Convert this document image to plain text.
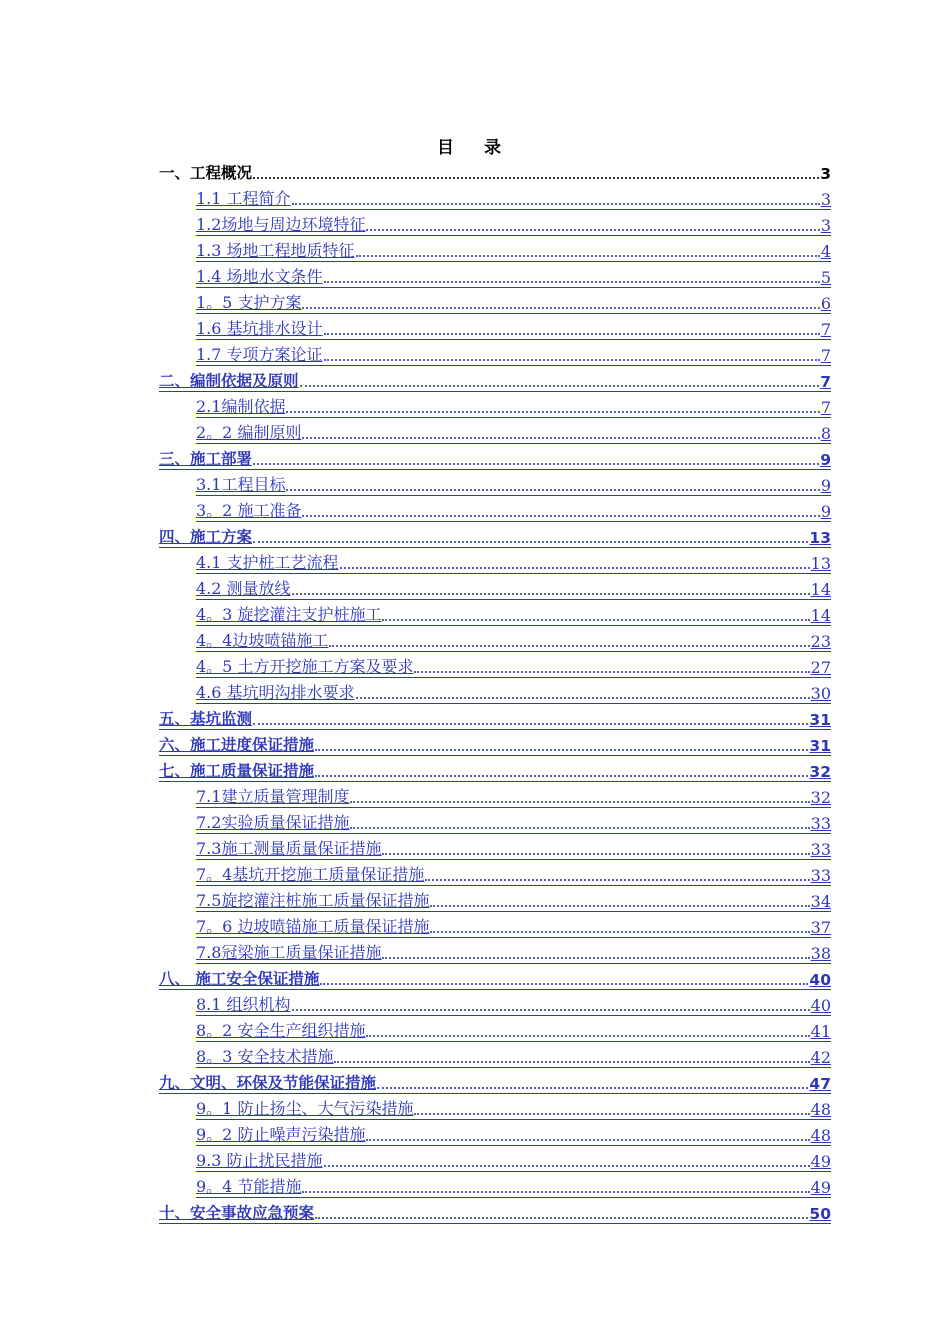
目 录
一、工程概况	3
1.1 工程简介	3
1.2场地与周边环境特征	3
1.3 场地工程地质特征	4
1.4 场地水文条件	5
1。5 支护方案	6
1.6 基坑排水设计	7
1.7 专项方案论证	7
二、编制依据及原则	7
2.1编制依据	7
2。2 编制原则	8
三、施工部署	9
3.1工程目标	9
3。2 施工准备	9
四、施工方案	13
4.1 支护桩工艺流程	13
4.2 测量放线	14
4。3 旋挖灌注支护桩施工	14
4。4边坡喷锚施工	23
4。5 土方开挖施工方案及要求	27
4.6 基坑明沟排水要求	30
五、基坑监测	31
六、施工进度保证措施	31
七、施工质量保证措施	32
7.1建立质量管理制度	32
7.2实验质量保证措施	33
7.3施工测量质量保证措施	33
7。4基坑开挖施工质量保证措施	33
7.5旋挖灌注桩施工质量保证措施	34
7。6 边坡喷锚施工质量保证措施	37
7.8冠梁施工质量保证措施	38
八、 施工安全保证措施	40
8.1 组织机构	40
8。2 安全生产组织措施	41
8。3 安全技术措施	42
九、文明、环保及节能保证措施	47
9。1 防止扬尘、大气污染措施	48
9。2 防止噪声污染措施	48
9.3 防止扰民措施	49
9。4 节能措施	49
十、安全事故应急预案	50
